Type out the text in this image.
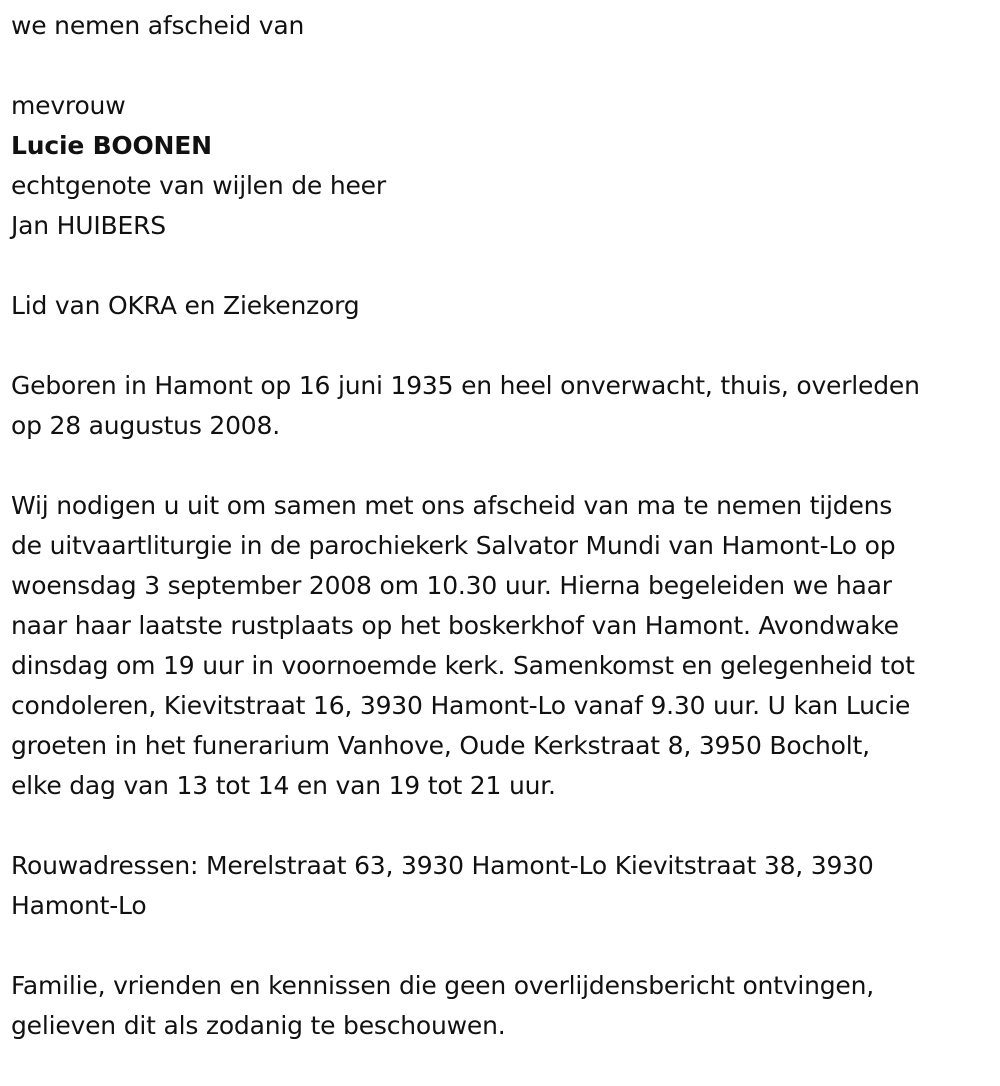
we nemen afscheid van
mevrouw
Lucie BOONEN
echtgenote van wijlen de heer
Jan HUIBERS
Lid van OKRA en Ziekenzorg
Geboren in Hamont op 16 juni 1935 en heel onverwacht, thuis, overleden
op 28 augustus 2008.
Wij nodigen u uit om samen met ons afscheid van ma te nemen tijdens
de uitvaartliturgie in de parochiekerk Salvator Mundi van Hamont-Lo op
woensdag 3 september 2008 om 10.30 uur. Hierna begeleiden we haar
naar haar laatste rustplaats op het boskerkhof van Hamont. Avondwake
dinsdag om 19 uur in voornoemde kerk. Samenkomst en gelegenheid tot
condoleren, Kievitstraat 16, 3930 Hamont-Lo vanaf 9.30 uur. U kan Lucie
groeten in het funerarium Vanhove, Oude Kerkstraat 8, 3950 Bocholt,
elke dag van 13 tot 14 en van 19 tot 21 uur.
Rouwadressen: Merelstraat 63, 3930 Hamont-Lo Kievitstraat 38, 3930
Hamont-Lo
Familie, vrienden en kennissen die geen overlijdensbericht ontvingen,
gelieven dit als zodanig te beschouwen.
